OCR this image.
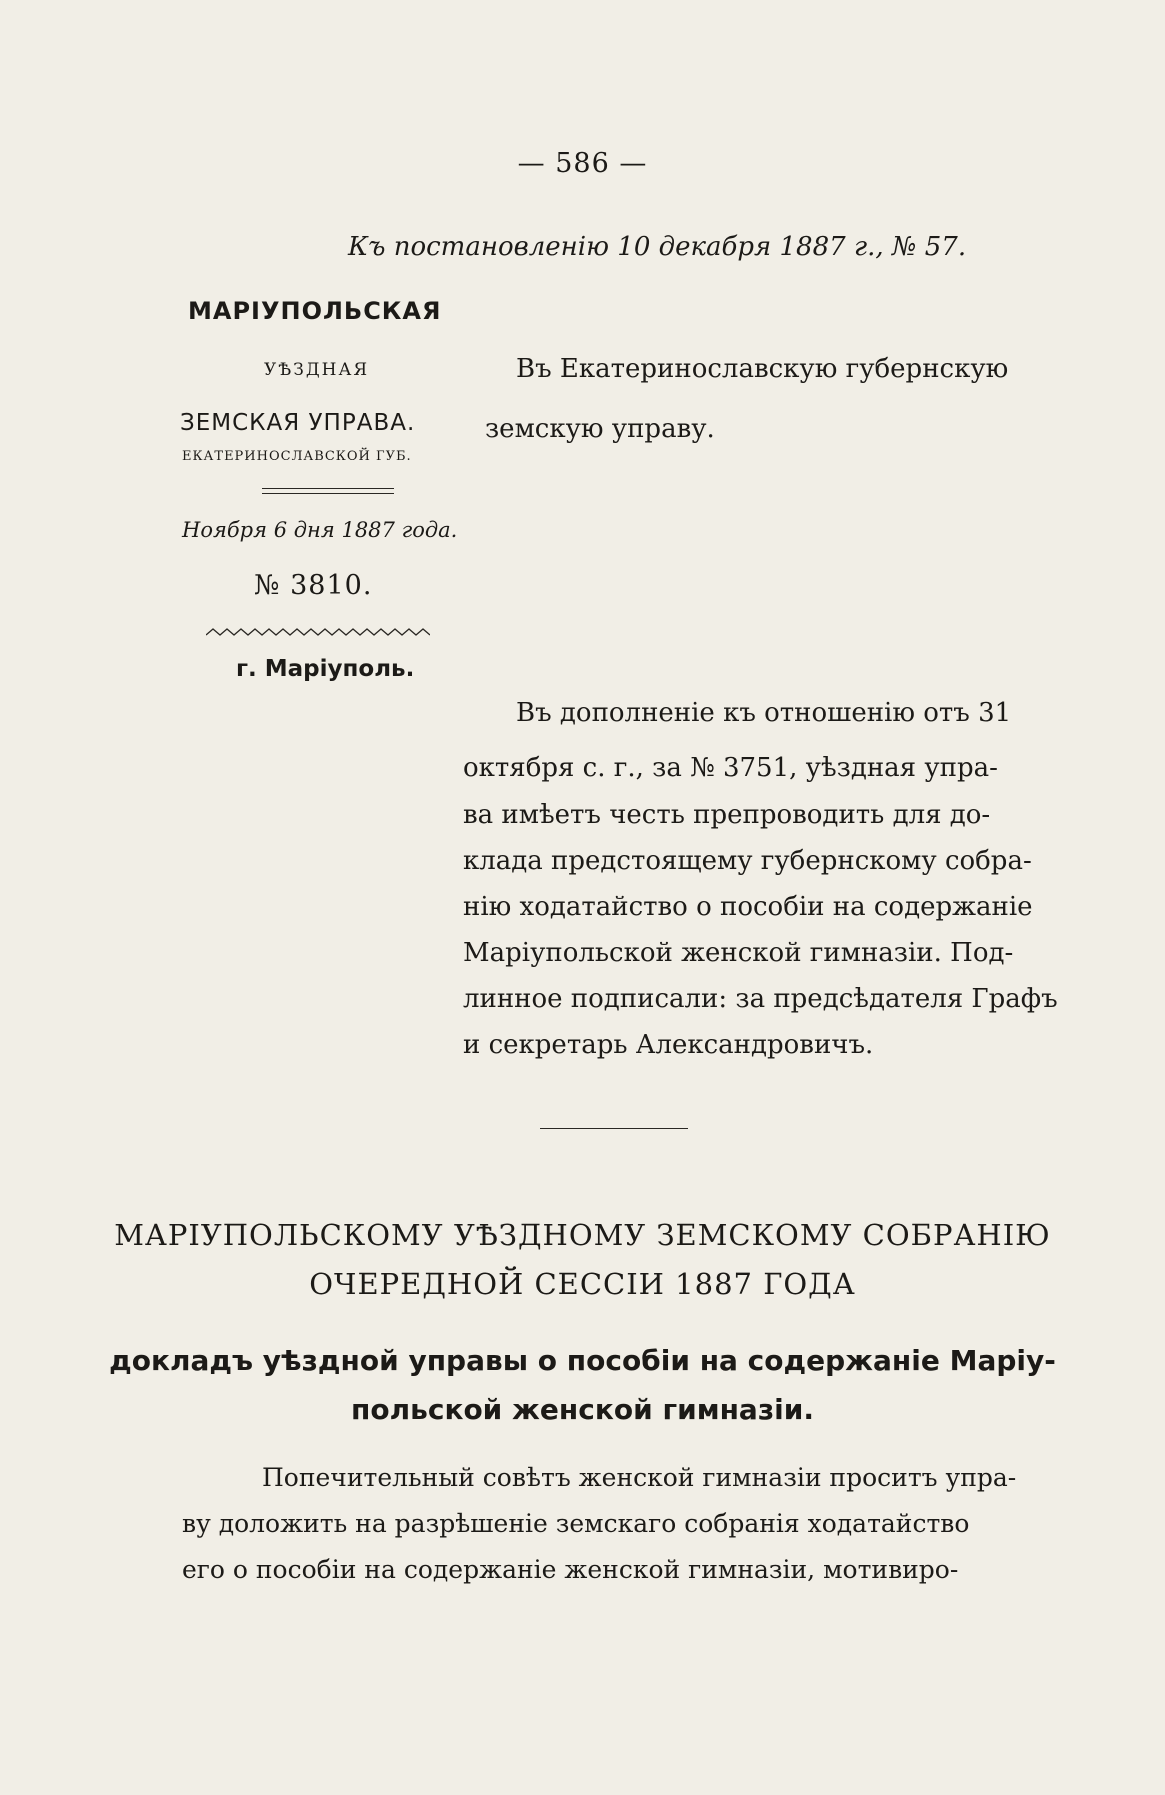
— 586 —
Къ постановленію 10 декабря 1887 г., № 57.
МАРІУПОЛЬСКАЯ
УѢЗДНАЯ
ЗЕМСКАЯ УПРАВА.
ЕКАТЕРИНОСЛАВСКОЙ ГУБ.
Ноября 6 дня 1887 года.
№ 3810.
г. Маріуполь.
Въ Екатеринославскую губернскую
земскую управу.

Въ дополненіе къ отношенію отъ 31

октября с. г., за № 3751, уѣздная упра-

ва имѣетъ честь препроводить для до-

клада предстоящему губернскому собра-

нію ходатайство о пособіи на содержаніе

Маріупольской женской гимназіи. Под-

линное подписали: за предсѣдателя Графъ

и секретарь Александровичъ.

МАРІУПОЛЬСКОМУ УѢЗДНОМУ ЗЕМСКОМУ СОБРАНІЮ
ОЧЕРЕДНОЙ СЕССІИ 1887 ГОДА
докладъ уѣздной управы о пособіи на содержаніе Маріу-
польской женской гимназіи.

Попечительный совѣтъ женской гимназіи проситъ упра-

ву доложить на разрѣшеніе земскаго собранія ходатайство

его о пособіи на содержаніе женской гимназіи, мотивиро-
